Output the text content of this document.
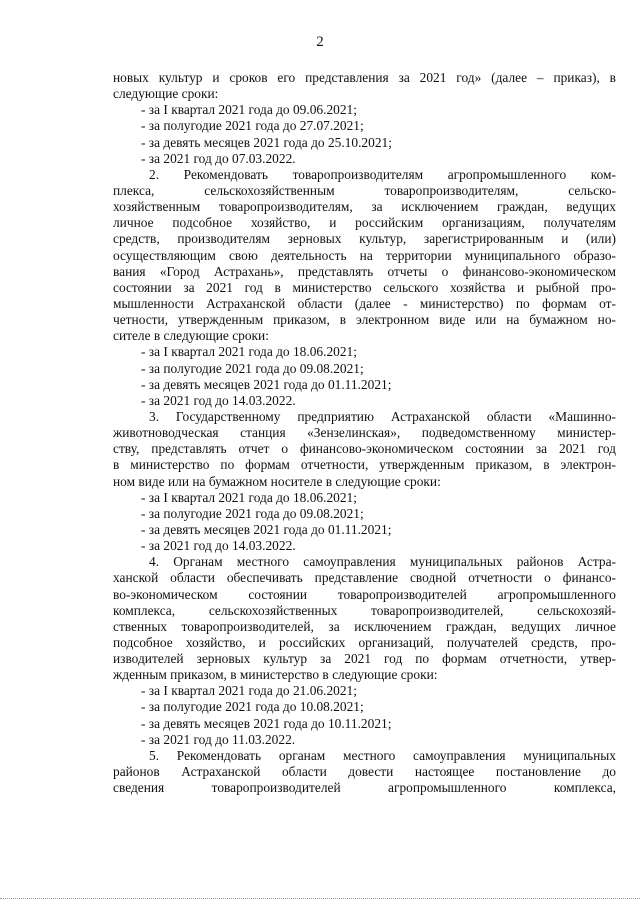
2
новых культур и сроков его представления за 2021 год» (далее – приказ), в
следующие сроки:
- за I квартал 2021 года до 09.06.2021;
- за полугодие 2021 года до 27.07.2021;
- за девять месяцев 2021 года до 25.10.2021;
- за 2021 год до 07.03.2022.
2. Рекомендовать товаропроизводителям агропромышленного ком-
плекса, сельскохозяйственным товаропроизводителям, сельско-
хозяйственным товаропроизводителям, за исключением граждан, ведущих
личное подсобное хозяйство, и российским организациям, получателям
средств, производителям зерновых культур, зарегистрированным и (или)
осуществляющим свою деятельность на территории муниципального образо-
вания «Город Астрахань», представлять отчеты о финансово-экономическом
состоянии за 2021 год в министерство сельского хозяйства и рыбной про-
мышленности Астраханской области (далее - министерство) по формам от-
четности, утвержденным приказом, в электронном виде или на бумажном но-
сителе в следующие сроки:
- за I квартал 2021 года до 18.06.2021;
- за полугодие 2021 года до 09.08.2021;
- за девять месяцев 2021 года до 01.11.2021;
- за 2021 год до 14.03.2022.
3. Государственному предприятию Астраханской области «Машинно-
животноводческая станция «Зензелинская», подведомственному министер-
ству, представлять отчет о финансово-экономическом состоянии за 2021 год
в министерство по формам отчетности, утвержденным приказом, в электрон-
ном виде или на бумажном носителе в следующие сроки:
- за I квартал 2021 года до 18.06.2021;
- за полугодие 2021 года до 09.08.2021;
- за девять месяцев 2021 года до 01.11.2021;
- за 2021 год до 14.03.2022.
4. Органам местного самоуправления муниципальных районов Астра-
ханской области обеспечивать представление сводной отчетности о финансо-
во-экономическом состоянии товаропроизводителей агропромышленного
комплекса, сельскохозяйственных товаропроизводителей, сельскохозяй-
ственных товаропроизводителей, за исключением граждан, ведущих личное
подсобное хозяйство, и российских организаций, получателей средств, про-
изводителей зерновых культур за 2021 год по формам отчетности, утвер-
жденным приказом, в министерство в следующие сроки:
- за I квартал 2021 года до 21.06.2021;
- за полугодие 2021 года до 10.08.2021;
- за девять месяцев 2021 года до 10.11.2021;
- за 2021 год до 11.03.2022.
5. Рекомендовать органам местного самоуправления муниципальных
районов Астраханской области довести настоящее постановление до
сведения товаропроизводителей агропромышленного комплекса,
